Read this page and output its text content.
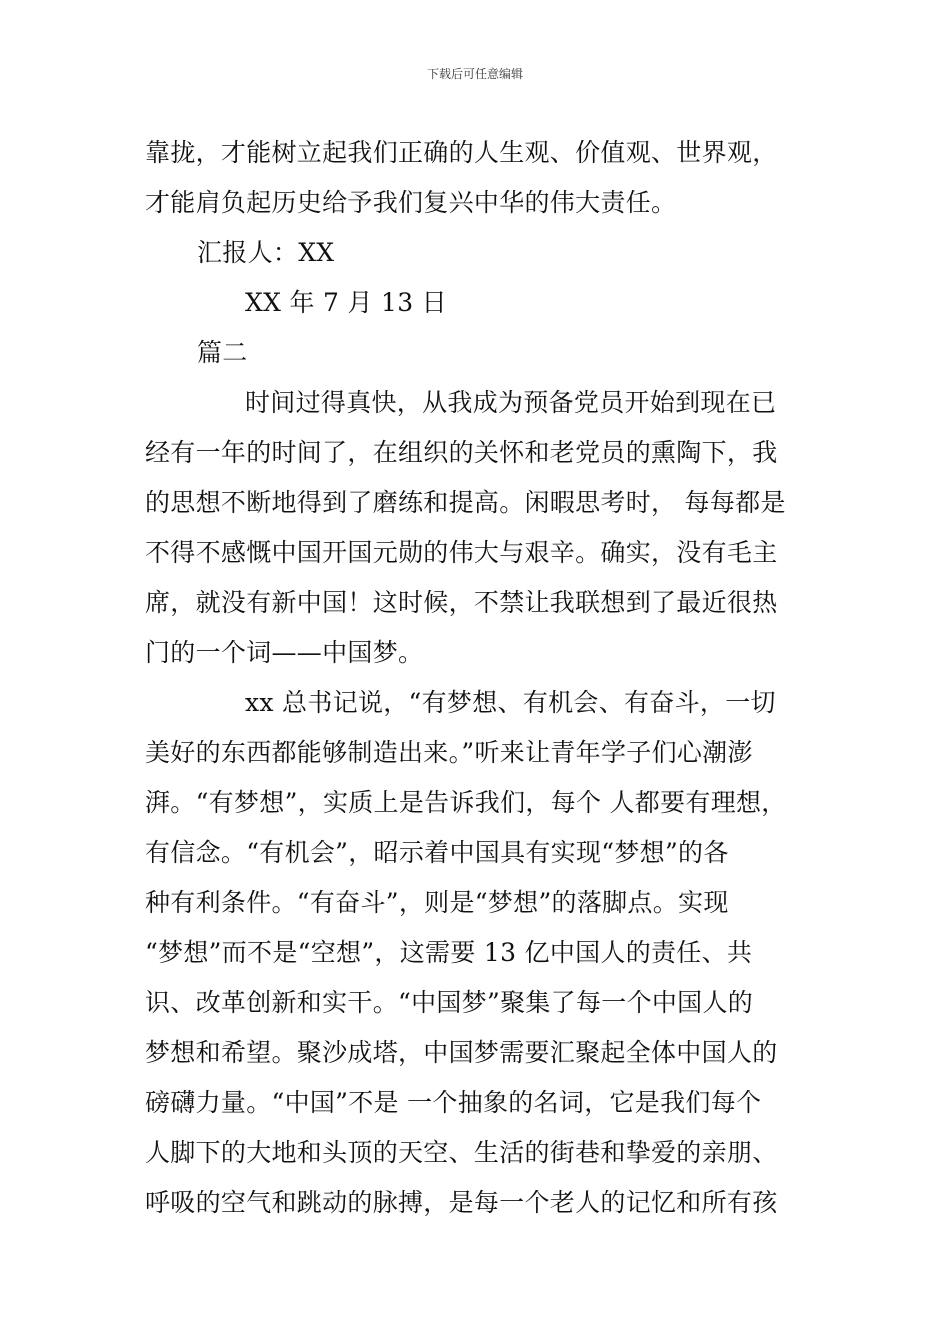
下载后可任意编辑
靠拢，才能树立起我们正确的人生观、价值观、世界观，
才能肩负起历史给予我们复兴中华的伟大责任。
汇报人：XX
XX 年 7 月 13 日
篇二
时间过得真快，从我成为预备党员开始到现在已
经有一年的时间了，在组织的关怀和老党员的熏陶下，我
的思想不断地得到了磨练和提高。闲暇思考时， 每每都是
不得不感慨中国开国元勋的伟大与艰辛。确实，没有毛主
席，就没有新中国！这时候，不禁让我联想到了最近很热
门的一个词——中国梦。
xx 总书记说，“有梦想、有机会、有奋斗，一切
美好的东西都能够制造出来。”听来让青年学子们心潮澎
湃。“有梦想”，实质上是告诉我们，每个 人都要有理想，
有信念。“有机会”，昭示着中国具有实现“梦想”的各
种有利条件。“有奋斗”，则是“梦想”的落脚点。实现
“梦想”而不是“空想”，这需要 13 亿中国人的责任、共
识、改革创新和实干。“中国梦”聚集了每一个中国人的
梦想和希望。聚沙成塔，中国梦需要汇聚起全体中国人的
磅礴力量。“中国”不是 一个抽象的名词，它是我们每个
人脚下的大地和头顶的天空、生活的街巷和挚爱的亲朋、
呼吸的空气和跳动的脉搏，是每一个老人的记忆和所有孩
